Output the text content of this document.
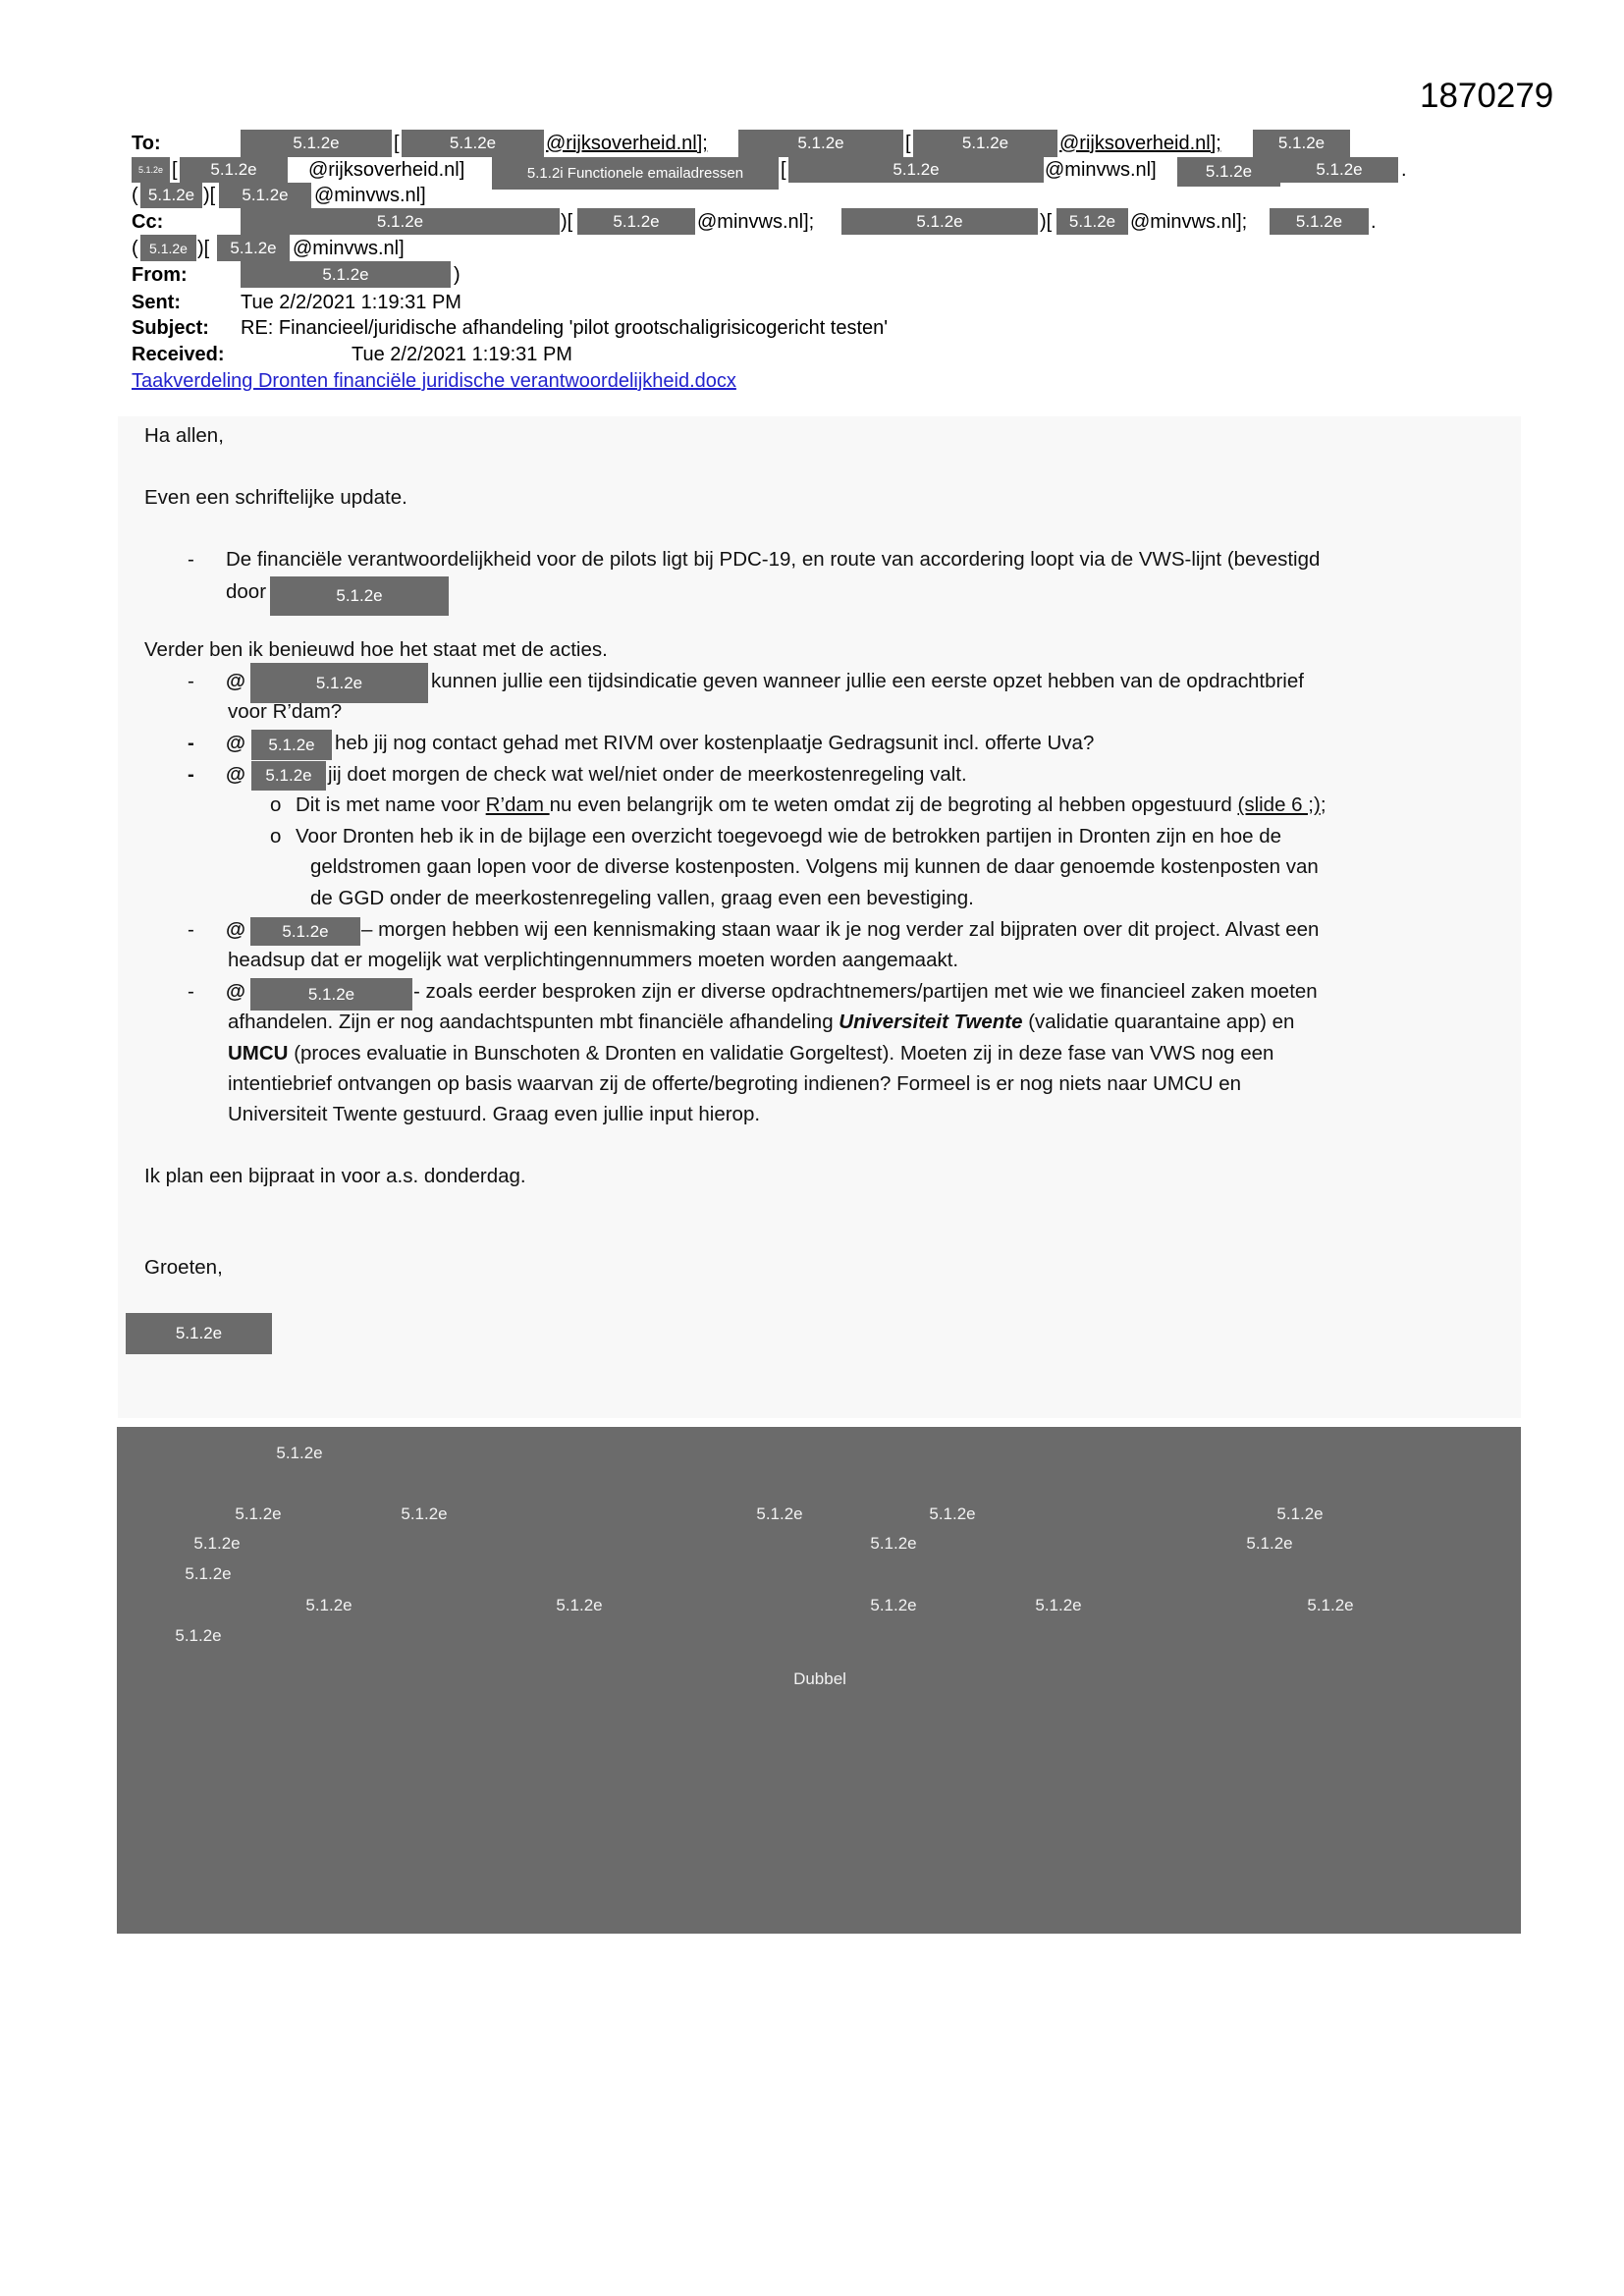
1870279
To:	5.1.2e	[	5.1.2e	@rijksoverheid.nl];	5.1.2e	[	5.1.2e	@rijksoverheid.nl];	5.1.2e
5.1.2e [	5.1.2e	@rijksoverheid.nl]	5.1.2i Functionele emailadressen	[	5.1.2e	@minvws.nl]	5.1.2e	5.1.2e	.
( 5.1.2e )[	5.1.2e	@minvws.nl]
Cc:	5.1.2e	)[	5.1.2e	@minvws.nl];	5.1.2e	)[	5.1.2e @minvws.nl];	5.1.2e	.
( 5.1.2e )[	5.1.2e @minvws.nl]
From:	5.1.2e	)
Sent:	Tue 2/2/2021 1:19:31 PM
Subject: RE: Financieel/juridische afhandeling 'pilot grootschaligrisicogericht testen'
Received:	Tue 2/2/2021 1:19:31 PM
Taakverdeling Dronten financiële juridische verantwoordelijkheid.docx
Ha allen,
Even een schriftelijke update.
- De financiële verantwoordelijkheid voor de pilots ligt bij PDC-19, en route van accordering loopt via de VWS-lijnt (bevestigd
door	5.1.2e
Verder ben ik benieuwd hoe het staat met de acties.
- @	5.1.2e	kunnen jullie een tijdsindicatie geven wanneer jullie een eerste opzet hebben van de opdrachtbrief
voor R’dam?
- @	5.1.2e heb jij nog contact gehad met RIVM over kostenplaatje Gedragsunit incl. offerte Uva?
- @	5.1.2e jij doet morgen de check wat wel/niet onder de meerkostenregeling valt.
o Dit is met name voor R’dam nu even belangrijk om te weten omdat zij de begroting al hebben opgestuurd (slide 6 ;);
o Voor Dronten heb ik in de bijlage een overzicht toegevoegd wie de betrokken partijen in Dronten zijn en hoe de
geldstromen gaan lopen voor de diverse kostenposten. Volgens mij kunnen de daar genoemde kostenposten van
de GGD onder de meerkostenregeling vallen, graag even een bevestiging.
- @	5.1.2e	– morgen hebben wij een kennismaking staan waar ik je nog verder zal bijpraten over dit project. Alvast een
headsup dat er mogelijk wat verplichtingennummers moeten worden aangemaakt.
- @	5.1.2e	- zoals eerder besproken zijn er diverse opdrachtnemers/partijen met wie we financieel zaken moeten
afhandelen. Zijn er nog aandachtspunten mbt financiële afhandeling Universiteit Twente (validatie quarantaine app) en
UMCU (proces evaluatie in Bunschoten & Dronten en validatie Gorgeltest). Moeten zij in deze fase van VWS nog een
intentiebrief ontvangen op basis waarvan zij de offerte/begroting indienen? Formeel is er nog niets naar UMCU en
Universiteit Twente gestuurd. Graag even jullie input hierop.
Ik plan een bijpraat in voor a.s. donderdag.
Groeten,
5.1.2e
5.1.2e
5.1.2e	5.1.2e	5.1.2e	5.1.2e	5.1.2e
5.1.2e	5.1.2e	5.1.2e
5.1.2e
5.1.2e	5.1.2e	5.1.2e	5.1.2e	5.1.2e
5.1.2e
Dubbel
